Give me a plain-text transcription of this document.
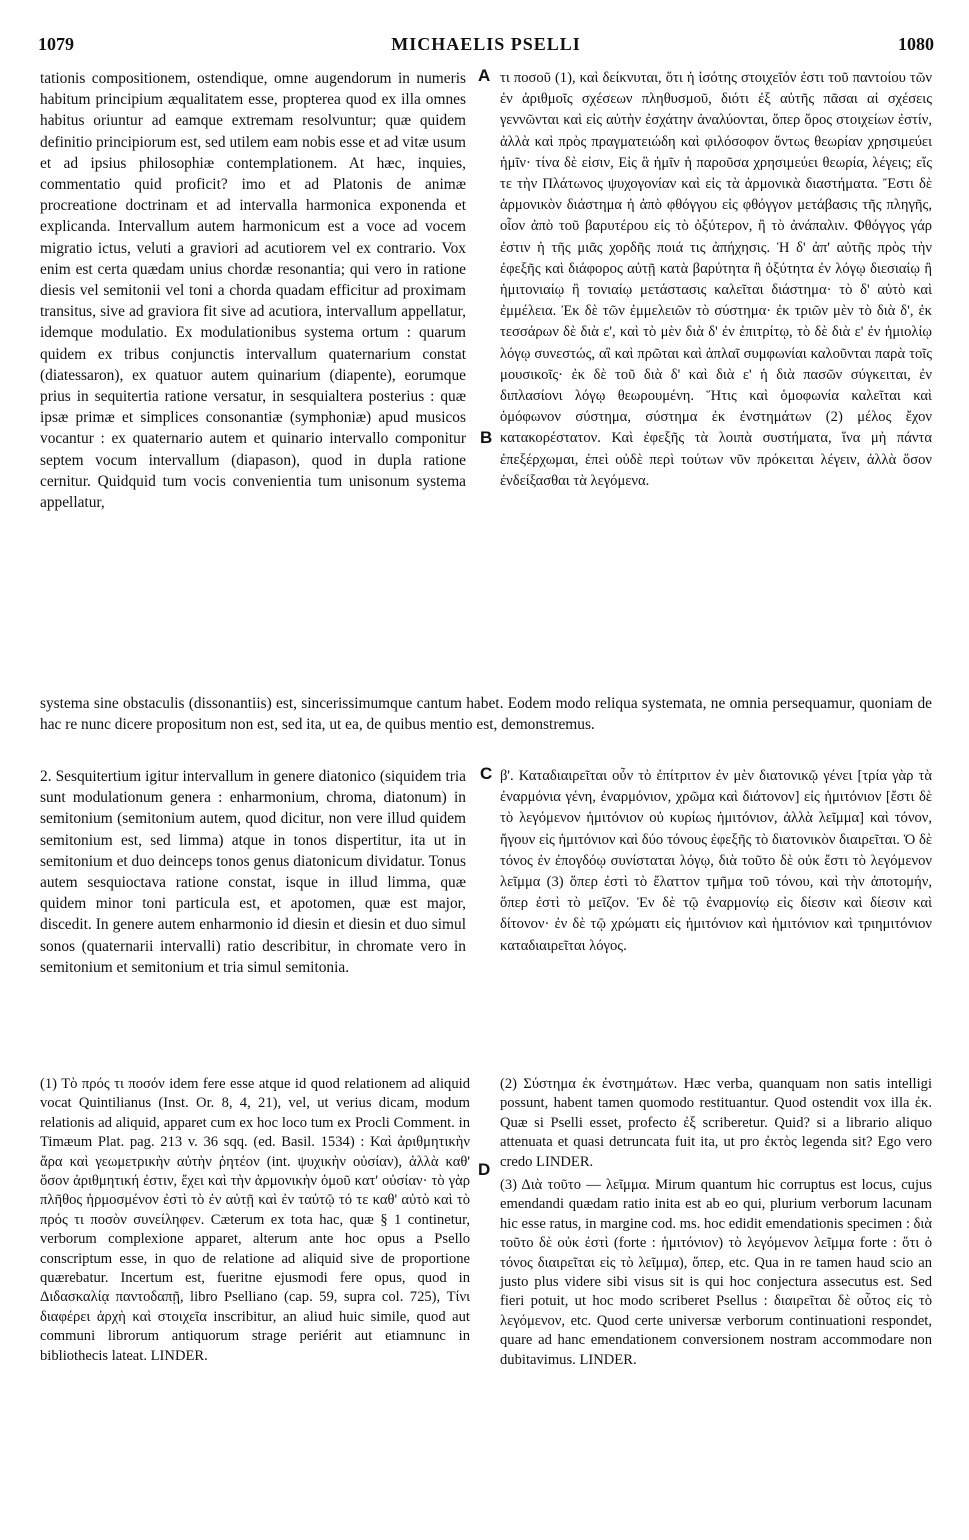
1079	MICHAELIS PSELLI	1080
A
B
C
D
tationis compositionem, ostendique, omne augendorum in numeris habitum principium æqualitatem esse, propterea quod ex illa omnes habitus oriuntur ad eamque extremam resolvuntur; quæ quidem definitio principiorum est, sed utilem eam nobis esse et ad vitæ usum et ad ipsius philosophiæ contemplationem. At hæc, inquies, commentatio quid proficit? imo et ad Platonis de animæ procreatione doctrinam et ad intervalla harmonica exponenda et explicanda. Intervallum autem harmonicum est a voce ad vocem migratio ictus, veluti a graviori ad acutiorem vel ex contrario. Vox enim est certa quædam unius chordæ resonantia; qui vero in ratione diesis vel semitonii vel toni a chorda quadam efficitur ad proximam transitus, sive ad graviora fit sive ad acutiora, intervallum appellatur, idemque modulatio. Ex modulationibus systema ortum : quarum quidem ex tribus conjunctis intervallum quaternarium constat (diatessaron), ex quatuor autem quinarium (diapente), eorumque prius in sequitertia ratione versatur, in sesquialtera posterius : quæ ipsæ primæ et simplices consonantiæ (symphoniæ) apud musicos vocantur : ex quaternario autem et quinario intervallo componitur septem vocum intervallum (diapason), quod in dupla ratione cernitur. Quidquid tum vocis convenientia tum unisonum systema appellatur,
τι ποσοῦ (1), καὶ δείκνυται, ὅτι ἡ ἰσότης στοιχεῖόν ἐστι τοῦ παντοίου τῶν ἐν ἀριθμοῖς σχέσεων πληθυσμοῦ, διότι ἐξ αὐτῆς πᾶσαι αἱ σχέσεις γεννῶνται καὶ εἰς αὐτὴν ἐσχάτην ἀναλύονται, ὅπερ ὅρος στοιχείων ἐστίν, ἀλλὰ καὶ πρὸς πραγματειώδη καὶ φιλόσοφον ὄντως θεωρίαν χρησιμεύει ἡμῖν· τίνα δὲ εἰσιν, Εἰς ἃ ἡμῖν ἡ παροῦσα χρησιμεύει θεωρία, λέγεις; εἴς τε τὴν Πλάτωνος ψυχογονίαν καὶ εἰς τὰ ἁρμονικὰ διαστήματα. Ἔστι δὲ ἁρμονικὸν διάστημα ἡ ἀπὸ φθόγγου εἰς φθόγγον μετάβασις τῆς πληγῆς, οἷον ἀπὸ τοῦ βαρυτέρου εἰς τὸ ὀξύτερον, ἢ τὸ ἀνάπαλιν. Φθόγγος γάρ ἐστιν ἡ τῆς μιᾶς χορδῆς ποιά τις ἀπήχησις. Ἡ δ' ἀπ' αὐτῆς πρὸς τὴν ἐφεξῆς καὶ διάφορος αὐτῇ κατὰ βαρύτητα ἢ ὀξύτητα ἐν λόγῳ διεσιαίῳ ἢ ἡμιτονιαίῳ ἢ τονιαίῳ μετάστασις καλεῖται διάστημα· τὸ δ' αὐτὸ καὶ ἐμμέλεια. Ἐκ δὲ τῶν ἐμμελειῶν τὸ σύστημα· ἐκ τριῶν μὲν τὸ διὰ δ', ἐκ τεσσάρων δὲ διὰ ε', καὶ τὸ μὲν διὰ δ' ἐν ἐπιτρίτῳ, τὸ δὲ διὰ ε' ἐν ἡμιολίῳ λόγῳ συνεστώς, αἳ καὶ πρῶται καὶ ἁπλαῖ συμφωνίαι καλοῦνται παρὰ τοῖς μουσικοῖς· ἐκ δὲ τοῦ διὰ δ' καὶ διὰ ε' ἡ διὰ πασῶν σύγκειται, ἐν διπλασίονι λόγῳ θεωρουμένη. Ἥτις καὶ ὁμοφωνία καλεῖται καὶ ὁμόφωνον σύστημα, σύστημα ἐκ ἐνστημάτων (2) μέλος ἔχον κατακορέστατον. Καὶ ἐφεξῆς τὰ λοιπὰ συστήματα, ἵνα μὴ πάντα ἐπεξέρχωμαι, ἐπεὶ οὐδὲ περὶ τούτων νῦν πρόκειται λέγειν, ἀλλὰ ὅσον ἐνδείξασθαι τὰ λεγόμενα.
systema sine obstaculis (dissonantiis) est, sincerissimumque cantum habet. Eodem modo reliqua systemata, ne omnia persequamur, quoniam de hac re nunc dicere propositum non est, sed ita, ut ea, de quibus mentio est, demonstremus.
2. Sesquitertium igitur intervallum in genere diatonico (siquidem tria sunt modulationum genera : enharmonium, chroma, diatonum) in semitonium (semitonium autem, quod dicitur, non vere illud quidem semitonium est, sed limma) atque in tonos dispertitur, ita ut in semitonium et duo deinceps tonos genus diatonicum dividatur. Tonus autem sesquioctava ratione constat, isque in illud limma, quæ quidem minor toni particula est, et apotomen, quæ est major, discedit. In genere autem enharmonio id diesin et diesin et duo simul sonos (quaternarii intervalli) ratio describitur, in chromate vero in semitonium et semitonium et tria simul semitonia.
β'. Καταδιαιρεῖται οὖν τὸ ἐπίτριτον ἐν μὲν διατονικῷ γένει [τρία γὰρ τὰ ἐναρμόνια γένη, ἐναρμόνιον, χρῶμα καὶ διάτονον] εἰς ἡμιτόνιον [ἔστι δὲ τὸ λεγόμενον ἡμιτόνιον οὐ κυρίως ἡμιτόνιον, ἀλλὰ λεῖμμα] καὶ τόνον, ἤγουν εἰς ἡμιτόνιον καὶ δύο τόνους ἐφεξῆς τὸ διατονικὸν διαιρεῖται. Ὁ δὲ τόνος ἐν ἐπογδόῳ συνίσταται λόγῳ, διὰ τοῦτο δὲ οὐκ ἔστι τὸ λεγόμενον λεῖμμα (3) ὅπερ ἐστὶ τὸ ἔλαττον τμῆμα τοῦ τόνου, καὶ τὴν ἀποτομήν, ὅπερ ἐστὶ τὸ μεῖζον. Ἐν δὲ τῷ ἐναρμονίῳ εἰς δίεσιν καὶ δίεσιν καὶ δίτονον· ἐν δὲ τῷ χρώματι εἰς ἡμιτόνιον καὶ ἡμιτόνιον καὶ τριημιτόνιον καταδιαιρεῖται λόγος.

(1) Τὸ πρός τι ποσόν idem fere esse atque id quod relationem ad aliquid vocat Quintilianus (Inst. Or. 8, 4, 21), vel, ut verius dicam, modum relationis ad aliquid, apparet cum ex hoc loco tum ex Procli Comment. in Timæum Plat. pag. 213 v. 36 sqq. (ed. Basil. 1534) : Καὶ ἀριθμητικὴν ἄρα καὶ γεωμετρικὴν αὐτὴν ῥητέον (int. ψυχικὴν οὐσίαν), ἀλλὰ καθ' ὅσον ἀριθμητική ἐστιν, ἔχει καὶ τὴν ἁρμονικὴν ὁμοῦ κατ' οὐσίαν· τὸ γὰρ πλῆθος ἡρμοσμένον ἐστὶ τὸ ἐν αὐτῇ καὶ ἐν ταὐτῷ τό τε καθ' αὑτὸ καὶ τὸ πρός τι ποσὸν συνείληφεν. Cæterum ex tota hac, quæ § 1 continetur, verborum complexione apparet, alterum ante hoc opus a Psello conscriptum esse, in quo de relatione ad aliquid sive de proportione quærebatur. Incertum est, fueritne ejusmodi fere opus, quod in Διδασκαλίᾳ παντοδαπῇ, libro Pselliano (cap. 59, supra col. 725), Τίνι διαφέρει ἀρχὴ καὶ στοιχεῖα inscribitur, an aliud huic simile, quod aut communi librorum antiquorum strage periérit aut etiamnunc in bibliothecis lateat. LINDER.

(2) Σύστημα ἐκ ἐνστημάτων. Hæc verba, quanquam non satis intelligi possunt, habent tamen quomodo restituantur. Quod ostendit vox illa ἐκ. Quæ si Pselli esset, profecto ἐξ scriberetur. Quid? si a librario aliquo attenuata et quasi detruncata fuit ita, ut pro ἐκτὸς legenda sit? Ego vero credo LINDER.

(3) Διὰ τοῦτο — λεῖμμα. Mirum quantum hic corruptus est locus, cujus emendandi quædam ratio inita est ab eo qui, plurium verborum lacunam hic esse ratus, in margine cod. ms. hoc edidit emendationis specimen : διὰ τοῦτο δὲ οὐκ ἐστὶ (forte : ἡμιτόνιον) τὸ λεγόμενον λεῖμμα forte : ὅτι ὁ τόνος διαιρεῖται εἰς τὸ λεῖμμα), ὅπερ, etc. Qua in re tamen haud scio an justo plus videre sibi visus sit is qui hoc conjectura assecutus est. Sed fieri potuit, ut hoc modo scriberet Psellus : διαιρεῖται δὲ οὗτος εἰς τὸ λεγόμενον, etc. Quod certe universæ verborum continuationi respondet, quare ad hanc emendationem conversionem nostram accommodare non dubitavimus. LINDER.
